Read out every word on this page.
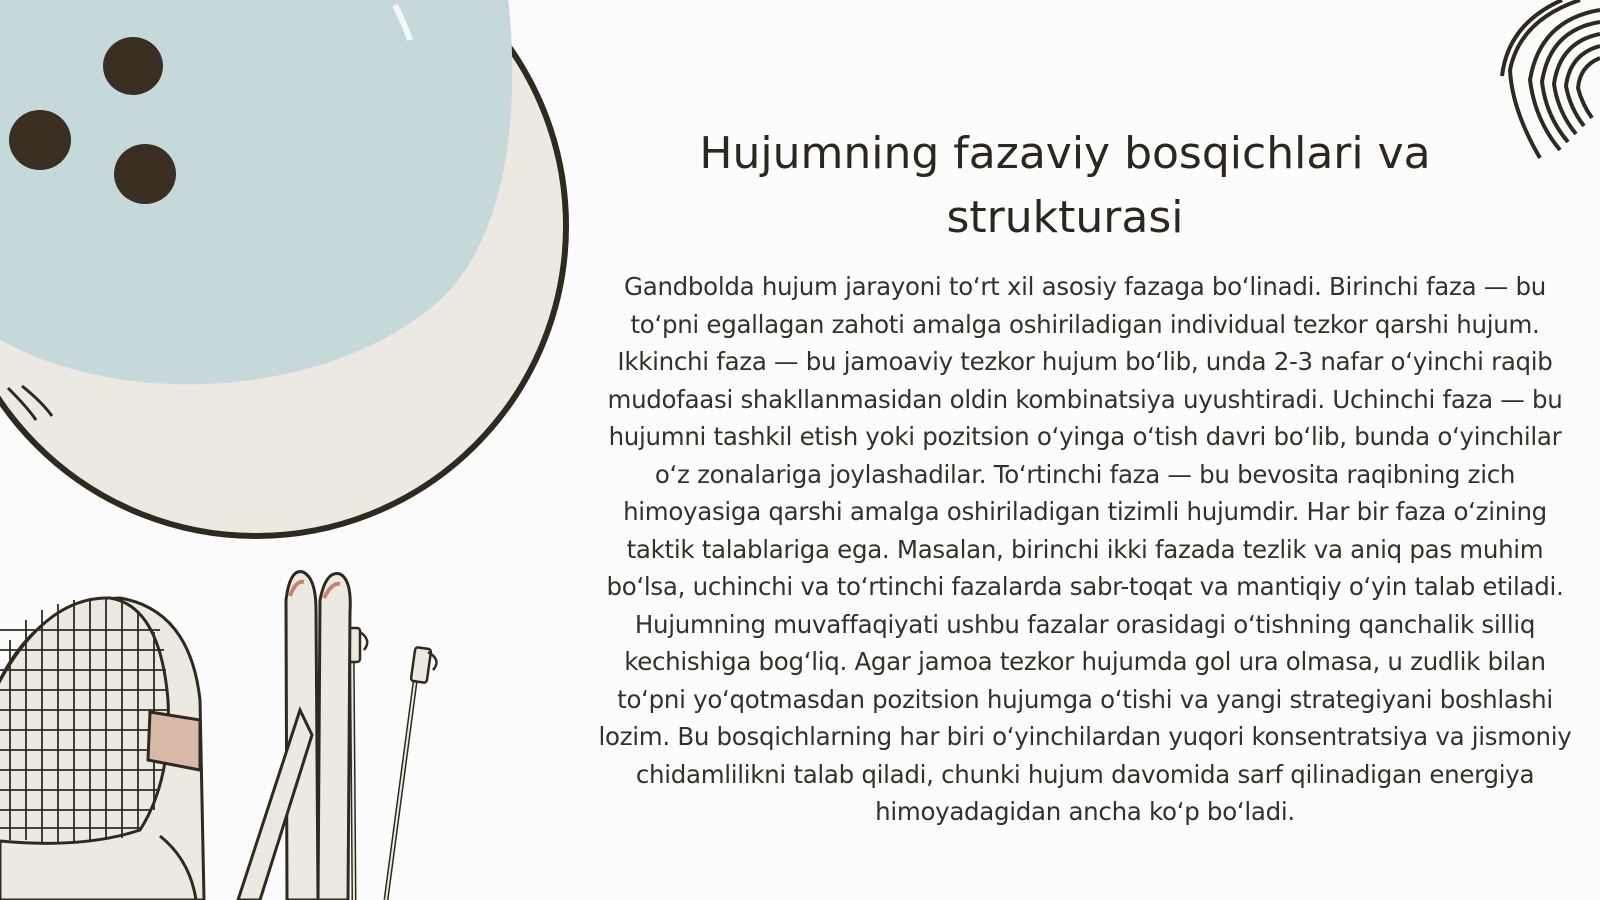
Hujumning fazaviy bosqichlari va strukturasi

Gandbolda hujum jarayoni to‘rt xil asosiy fazaga bo‘linadi. Birinchi faza — bu to‘pni egallagan zahoti amalga oshiriladigan individual tezkor qarshi hujum. Ikkinchi faza — bu jamoaviy tezkor hujum bo‘lib, unda 2-3 nafar o‘yinchi raqib mudofaasi shakllanmasidan oldin kombinatsiya uyushtiradi. Uchinchi faza — bu hujumni tashkil etish yoki pozitsion o‘yinga o‘tish davri bo‘lib, bunda o‘yinchilar o‘z zonalariga joylashadilar. To‘rtinchi faza — bu bevosita raqibning zich himoyasiga qarshi amalga oshiriladigan tizimli hujumdir. Har bir faza o‘zining taktik talablariga ega. Masalan, birinchi ikki fazada tezlik va aniq pas muhim bo‘lsa, uchinchi va to‘rtinchi fazalarda sabr-toqat va mantiqiy o‘yin talab etiladi. Hujumning muvaffaqiyati ushbu fazalar orasidagi o‘tishning qanchalik silliq kechishiga bog‘liq. Agar jamoa tezkor hujumda gol ura olmasa, u zudlik bilan to‘pni yo‘qotmasdan pozitsion hujumga o‘tishi va yangi strategiyani boshlashi lozim. Bu bosqichlarning har biri o‘yinchilardan yuqori konsentratsiya va jismoniy chidamlilikni talab qiladi, chunki hujum davomida sarf qilinadigan energiya himoyadagidan ancha ko‘p bo‘ladi.
